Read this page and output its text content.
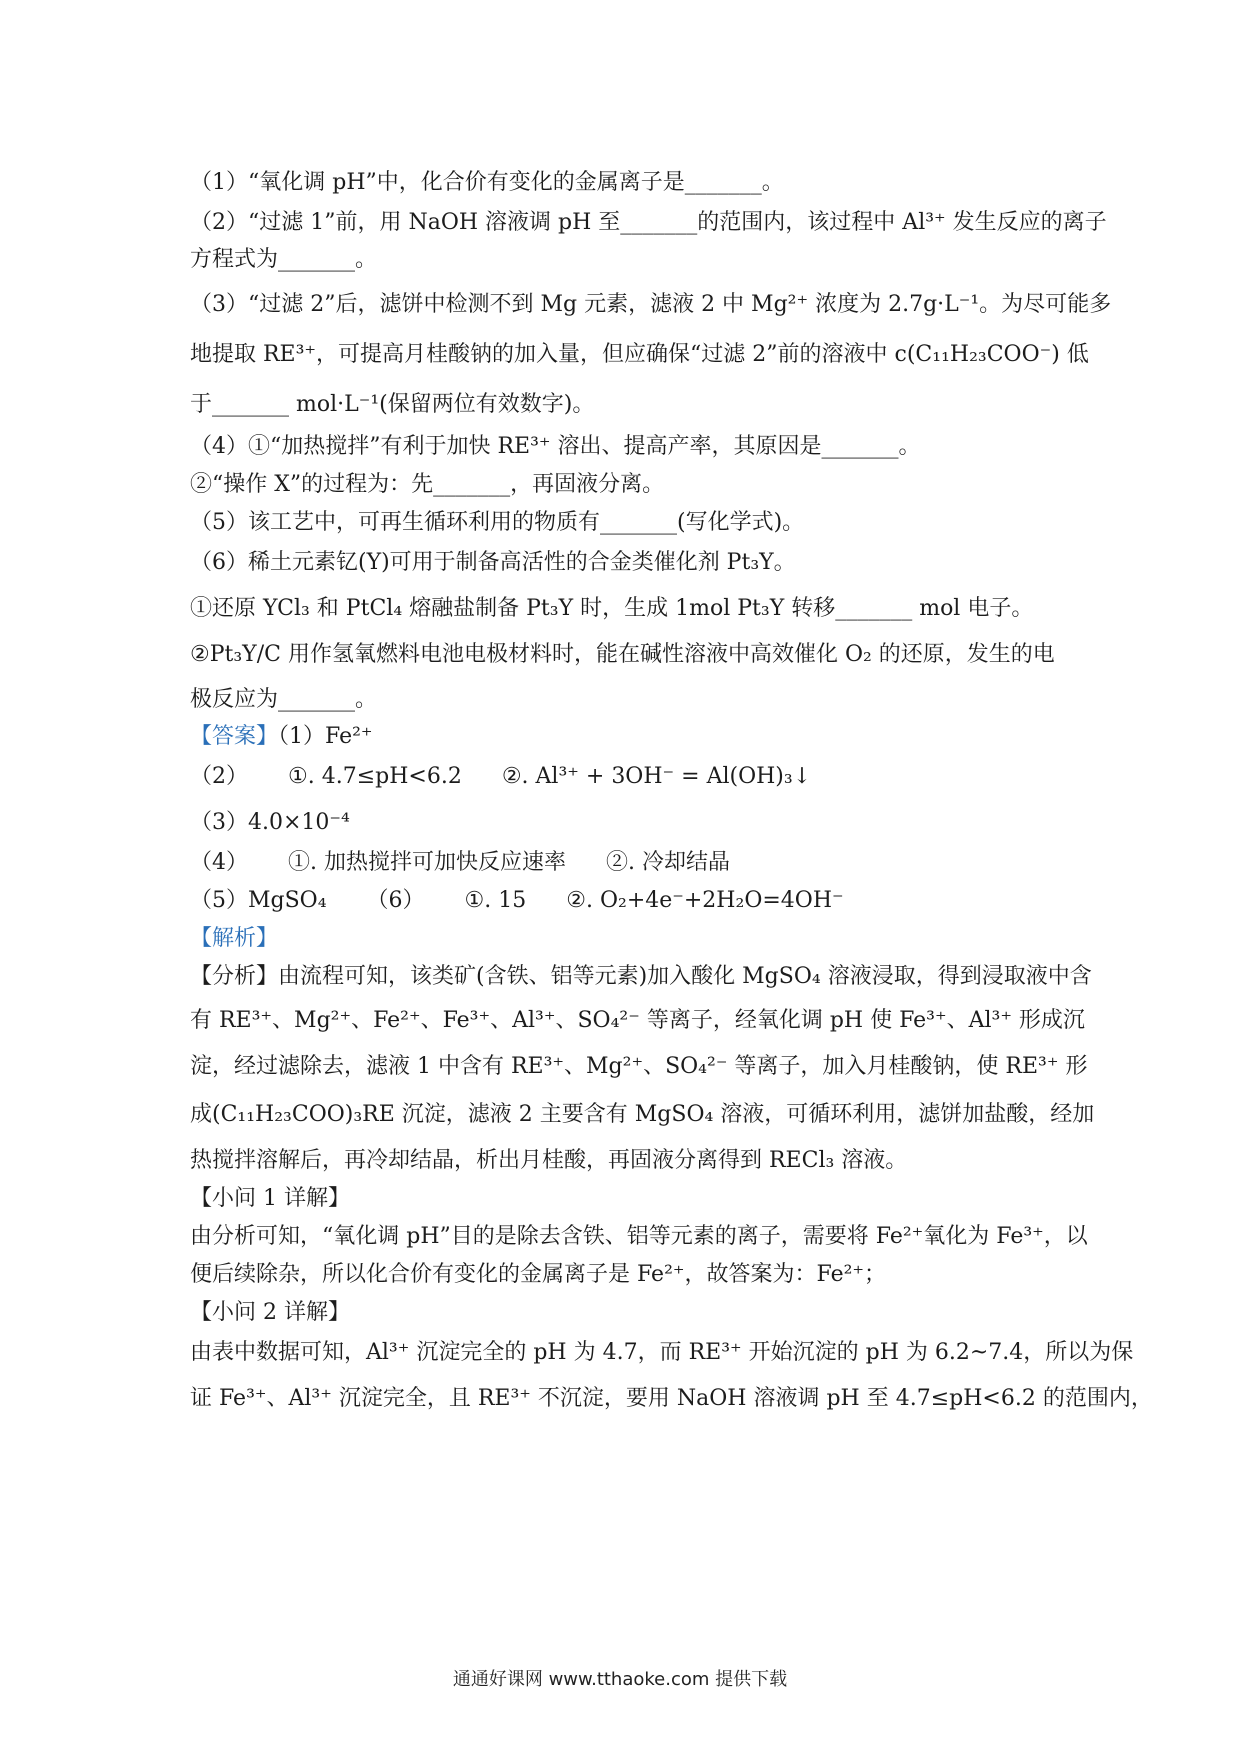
（1）“氧化调 pH”中，化合价有变化的金属离子是_______。
（2）“过滤 1”前，用 NaOH 溶液调 pH 至_______的范围内，该过程中 Al³⁺ 发生反应的离子
方程式为_______。
（3）“过滤 2”后，滤饼中检测不到 Mg 元素，滤液 2 中 Mg²⁺ 浓度为 2.7g·L⁻¹。为尽可能多
地提取 RE³⁺，可提高月桂酸钠的加入量，但应确保“过滤 2”前的溶液中 c(C₁₁H₂₃COO⁻) 低
于_______ mol·L⁻¹(保留两位有效数字)。
（4）①“加热搅拌”有利于加快 RE³⁺ 溶出、提高产率，其原因是_______。
②“操作 X”的过程为：先_______，再固液分离。
（5）该工艺中，可再生循环利用的物质有_______(写化学式)。
（6）稀土元素钇(Y)可用于制备高活性的合金类催化剂 Pt₃Y。
①还原 YCl₃ 和 PtCl₄ 熔融盐制备 Pt₃Y 时，生成 1mol Pt₃Y 转移_______ mol 电子。
②Pt₃Y/C 用作氢氧燃料电池电极材料时，能在碱性溶液中高效催化 O₂ 的还原，发生的电
极反应为_______。
【答案】（1）Fe²⁺
（2） ①. 4.7≤pH<6.2 ②. Al³⁺ + 3OH⁻ = Al(OH)₃↓
（3）4.0×10⁻⁴
（4） ①. 加热搅拌可加快反应速率 ②. 冷却结晶
（5）MgSO₄ （6） ①. 15 ②. O₂+4e⁻+2H₂O=4OH⁻
【解析】
【分析】由流程可知，该类矿(含铁、铝等元素)加入酸化 MgSO₄ 溶液浸取，得到浸取液中含
有 RE³⁺、Mg²⁺、Fe²⁺、Fe³⁺、Al³⁺、SO₄²⁻ 等离子，经氧化调 pH 使 Fe³⁺、Al³⁺ 形成沉
淀，经过滤除去，滤液 1 中含有 RE³⁺、Mg²⁺、SO₄²⁻ 等离子，加入月桂酸钠，使 RE³⁺ 形
成(C₁₁H₂₃COO)₃RE 沉淀，滤液 2 主要含有 MgSO₄ 溶液，可循环利用，滤饼加盐酸，经加
热搅拌溶解后，再冷却结晶，析出月桂酸，再固液分离得到 RECl₃ 溶液。
【小问 1 详解】
由分析可知，“氧化调 pH”目的是除去含铁、铝等元素的离子，需要将 Fe²⁺氧化为 Fe³⁺，以
便后续除杂，所以化合价有变化的金属离子是 Fe²⁺，故答案为：Fe²⁺；
【小问 2 详解】
由表中数据可知，Al³⁺ 沉淀完全的 pH 为 4.7，而 RE³⁺ 开始沉淀的 pH 为 6.2~7.4，所以为保
证 Fe³⁺、Al³⁺ 沉淀完全，且 RE³⁺ 不沉淀，要用 NaOH 溶液调 pH 至 4.7≤pH<6.2 的范围内，
通通好课网 www.tthaoke.com 提供下载
